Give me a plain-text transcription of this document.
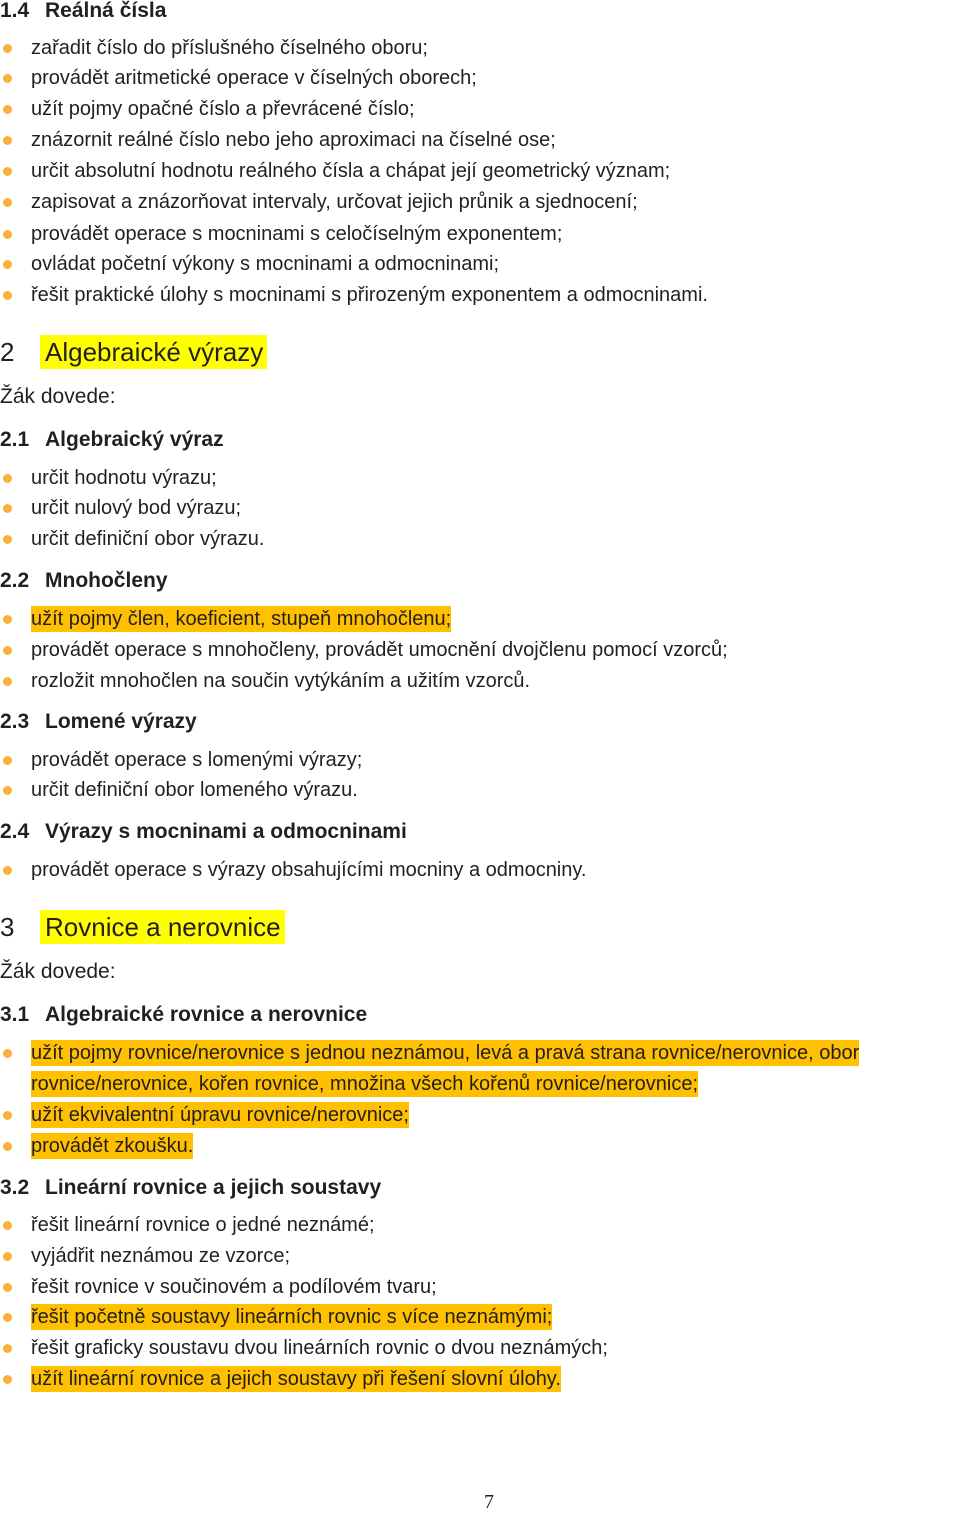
1.4 Reálná čísla
zařadit číslo do příslušného číselného oboru;
provádět aritmetické operace v číselných oborech;
užít pojmy opačné číslo a převrácené číslo;
znázornit reálné číslo nebo jeho aproximaci na číselné ose;
určit absolutní hodnotu reálného čísla a chápat její geometrický význam;
zapisovat a znázorňovat intervaly, určovat jejich průnik a sjednocení;
provádět operace s mocninami s celočíselným exponentem;
ovládat početní výkony s mocninami a odmocninami;
řešit praktické úlohy s mocninami s přirozeným exponentem a odmocninami.
2 Algebraické výrazy
Žák dovede:
2.1 Algebraický výraz
určit hodnotu výrazu;
určit nulový bod výrazu;
určit definiční obor výrazu.
2.2 Mnohočleny
užít pojmy člen, koeficient, stupeň mnohočlenu;
provádět operace s mnohočleny, provádět umocnění dvojčlenu pomocí vzorců;
rozložit mnohočlen na součin vytýkáním a užitím vzorců.
2.3 Lomené výrazy
provádět operace s lomenými výrazy;
určit definiční obor lomeného výrazu.
2.4 Výrazy s mocninami a odmocninami
provádět operace s výrazy obsahujícími mocniny a odmocniny.
3 Rovnice a nerovnice
Žák dovede:
3.1 Algebraické rovnice a nerovnice
užít pojmy rovnice/nerovnice s jednou neznámou, levá a pravá strana rovnice/nerovnice, obor
rovnice/nerovnice, kořen rovnice, množina všech kořenů rovnice/nerovnice;
užít ekvivalentní úpravu rovnice/nerovnice;
provádět zkoušku.
3.2 Lineární rovnice a jejich soustavy
řešit lineární rovnice o jedné neznámé;
vyjádřit neznámou ze vzorce;
řešit rovnice v součinovém a podílovém tvaru;
řešit početně soustavy lineárních rovnic s více neznámými;
řešit graficky soustavu dvou lineárních rovnic o dvou neznámých;
užít lineární rovnice a jejich soustavy při řešení slovní úlohy.
7
